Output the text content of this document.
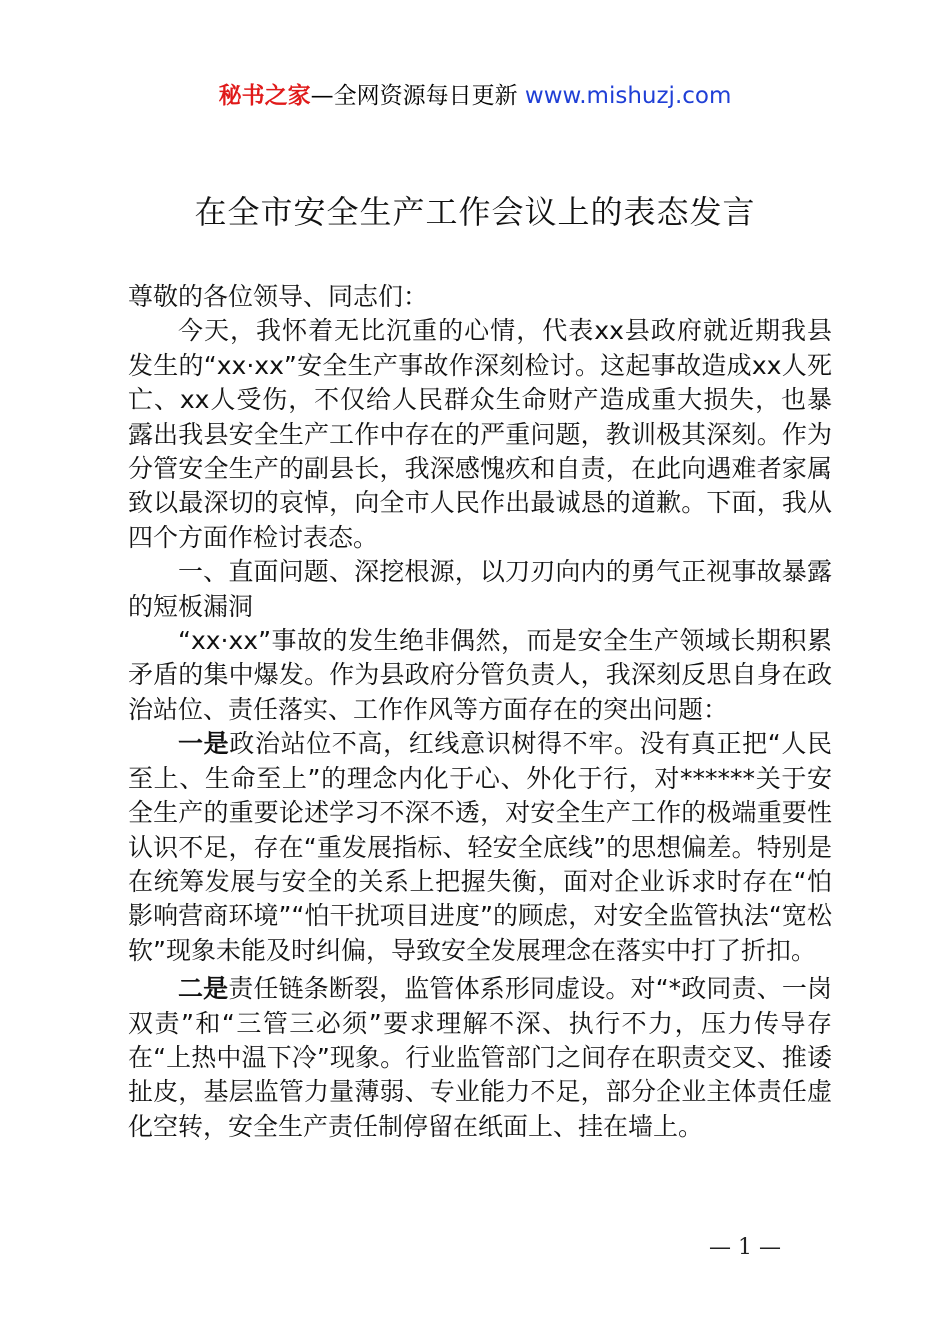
秘书之家—全网资源每日更新 www.mishuzj.com
在全市安全生产工作会议上的表态发言

尊敬的各位领导、同志们：

今天，我怀着无比沉重的心情，代表xx县政府就近期我县发生的“xx·xx”安全生产事故作深刻检讨。这起事故造成xx人死亡、xx人受伤，不仅给人民群众生命财产造成重大损失，也暴露出我县安全生产工作中存在的严重问题，教训极其深刻。作为分管安全生产的副县长，我深感愧疚和自责，在此向遇难者家属致以最深切的哀悼，向全市人民作出最诚恳的道歉。下面，我从四个方面作检讨表态。

一、直面问题、深挖根源，以刀刃向内的勇气正视事故暴露的短板漏洞

“xx·xx”事故的发生绝非偶然，而是安全生产领域长期积累矛盾的集中爆发。作为县政府分管负责人，我深刻反思自身在政治站位、责任落实、工作作风等方面存在的突出问题：

一是政治站位不高，红线意识树得不牢。没有真正把“人民至上、生命至上”的理念内化于心、外化于行，对******关于安全生产的重要论述学习不深不透，对安全生产工作的极端重要性认识不足，存在“重发展指标、轻安全底线”的思想偏差。特别是在统筹发展与安全的关系上把握失衡，面对企业诉求时存在“怕影响营商环境”“怕干扰项目进度”的顾虑，对安全监管执法“宽松软”现象未能及时纠偏，导致安全发展理念在落实中打了折扣。

二是责任链条断裂，监管体系形同虚设。对“*政同责、一岗双责”和“三管三必须”要求理解不深、执行不力，压力传导存在“上热中温下冷”现象。行业监管部门之间存在职责交叉、推诿扯皮，基层监管力量薄弱、专业能力不足，部分企业主体责任虚化空转，安全生产责任制停留在纸面上、挂在墙上。

— 1 —
